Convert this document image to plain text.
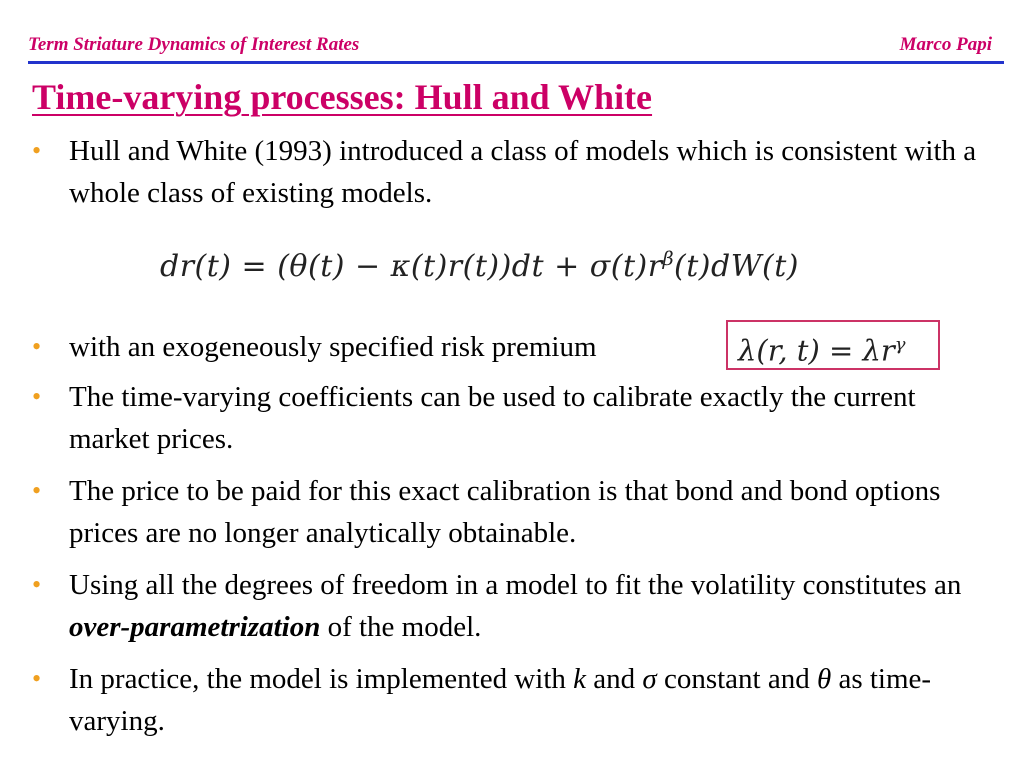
Term Striature Dynamics of Interest Rates	Marco Papi
Time-varying processes: Hull and White
• Hull and White (1993) introduced a class of models which is consistent with a whole class of existing models.
$dr(t) = (\theta(t) - \kappa(t)r(t))dt + \sigma(t)r^\beta(t)dW(t)$
• with an exogeneously specified risk premium	λ(r, $t) = \lambda r^\gamma$
• The time-varying coefficients can be used to calibrate exactly the current market prices.
• The price to be paid for this exact calibration is that bond and bond options prices are no longer analytically obtainable.
• Using all the degrees of freedom in a model to fit the volatility constitutes an over-parametrization of the model.
• In practice, the model is implemented with k and σ constant and θ as time-varying.
